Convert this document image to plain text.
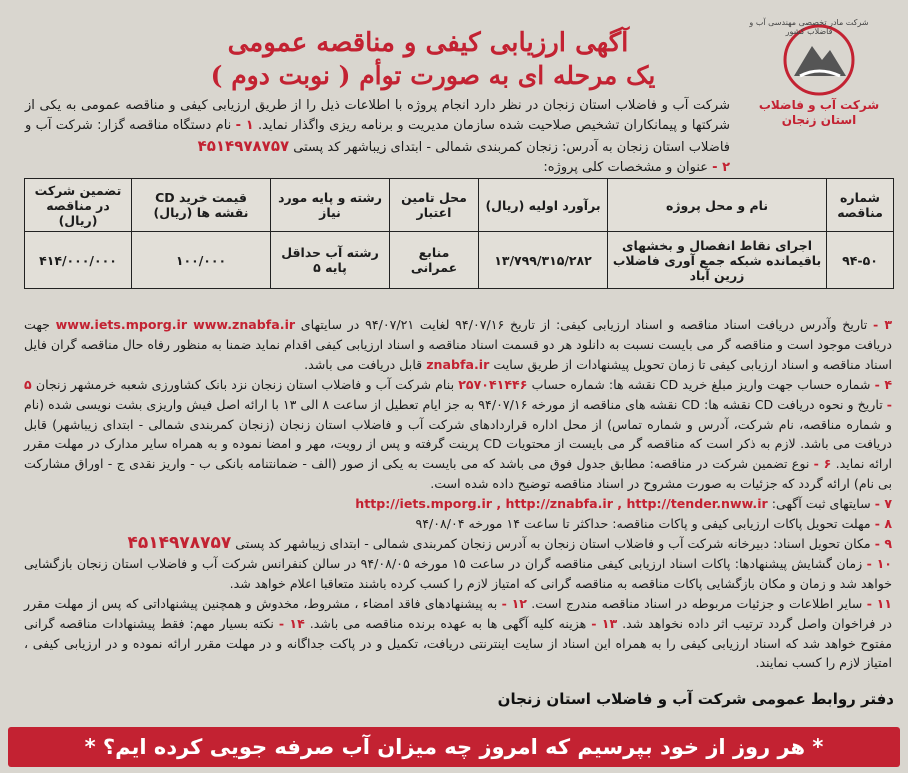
شرکت مادر تخصصی مهندسی آب و فاضلاب کشور
شرکت آب و فاضلاب
استان زنجان
آگهی ارزیابی کیفی و مناقصه عمومی
یک مرحله ای به صورت توأم ( نوبت دوم )
شرکت آب و فاضلاب استان زنجان در نظر دارد انجام پروژه با اطلاعات ذیل را از طریق ارزیابی کیفی و مناقصه عمومی به یکی از شرکتها و پیمانکاران تشخیص صلاحیت شده سازمان مدیریت و برنامه ریزی واگذار نماید. ۱ - نام دستگاه مناقصه گزار: شرکت آب و فاضلاب استان زنجان به آدرس: زنجان کمربندی شمالی - ابتدای زیباشهر کد پستی ۴۵۱۴۹۷۸۷۵۷
۲ - عنوان و مشخصات کلی پروژه:
شماره مناقصه	نام و محل پروژه	برآورد اولیه (ریال)	محل تامین اعتبار	رشته و پایه مورد نیاز	قیمت خرید CD نقشه ها (ریال)	تضمین شرکت در مناقصه (ریال)
۹۴-۵۰	اجرای نقاط انفصال و بخشهای باقیمانده شبکه جمع آوری فاضلاب زرین آباد	۱۳/۷۹۹/۳۱۵/۲۸۲	منابع عمرانی	رشته آب حداقل پایه ۵	۱۰۰/۰۰۰	۴۱۴/۰۰۰/۰۰۰

۳ - تاریخ وآدرس دریافت اسناد مناقصه و اسناد ارزیابی کیفی: از تاریخ ۹۴/۰۷/۱۶ لغایت ۹۴/۰۷/۲۱ در سایتهای www.iets.mporg.ir www.znabfa.ir جهت دریافت موجود است و مناقصه گر می بایست نسبت به دانلود هر دو قسمت اسناد مناقصه و اسناد ارزیابی کیفی اقدام نماید ضمنا به منظور رفاه حال مناقصه گران فایل اسناد مناقصه و اسناد ارزیابی کیفی تا زمان تحویل پیشنهادات از طریق سایت znabfa.ir قابل دریافت می باشد.

۴ - شماره حساب جهت واریز مبلغ خرید CD نقشه ها: شماره حساب ۲۵۷۰۴۱۴۴۶ بنام شرکت آب و فاضلاب استان زنجان نزد بانک کشاورزی شعبه خرمشهر زنجان ۵ - تاریخ و نحوه دریافت CD نقشه ها: CD نقشه های مناقصه از مورخه ۹۴/۰۷/۱۶ به جز ایام تعطیل از ساعت ۸ الی ۱۳ با ارائه اصل فیش واریزی بشت نویسی شده (نام و شماره مناقصه، نام شرکت، آدرس و شماره تماس) از محل اداره قراردادهای شرکت آب و فاضلاب استان زنجان (زنجان کمربندی شمالی - ابتدای زیباشهر) قابل دریافت می باشد. لازم به ذکر است که مناقصه گر می بایست از محتویات CD پرینت گرفته و پس از رویت، مهر و امضا نموده و به همراه سایر مدارک در مهلت مقرر ارائه نماید. ۶ - نوع تضمین شرکت در مناقصه: مطابق جدول فوق می باشد که می بایست به یکی از صور (الف - ضمانتنامه بانکی ب - واریز نقدی ج - اوراق مشارکت بی نام) ارائه گردد که جزئیات به صورت مشروح در اسناد مناقصه توضیح داده شده است.

۷ - سایتهای ثبت آگهی: http://iets.mporg.ir , http://znabfa.ir , http://tender.nww.ir

۸ - مهلت تحویل پاکات ارزیابی کیفی و پاکات مناقصه: حداکثر تا ساعت ۱۴ مورخه ۹۴/۰۸/۰۴

۹ - مکان تحویل اسناد: دبیرخانه شرکت آب و فاضلاب استان زنجان به آدرس زنجان کمربندی شمالی - ابتدای زیباشهر کد پستی ۴۵۱۴۹۷۸۷۵۷

۱۰ - زمان گشایش پیشنهادها: پاکات اسناد ارزیابی کیفی مناقصه گران در ساعت ۱۵ مورخه ۹۴/۰۸/۰۵ در سالن کنفرانس شرکت آب و فاضلاب استان زنجان بازگشایی خواهد شد و زمان و مکان بازگشایی پاکات مناقصه به مناقصه گرانی که امتیاز لازم را کسب کرده باشند متعاقبا اعلام خواهد شد.

۱۱ - سایر اطلاعات و جزئیات مربوطه در اسناد مناقصه مندرج است. ۱۲ - به پیشنهادهای فاقد امضاء ، مشروط، مخدوش و همچنین پیشنهاداتی که پس از مهلت مقرر در فراخوان واصل گردد ترتیب اثر داده نخواهد شد. ۱۳ - هزینه کلیه آگهی ها به عهده برنده مناقصه می باشد. ۱۴ - نکته بسیار مهم: فقط پیشنهادات مناقصه گرانی مفتوح خواهد شد که اسناد ارزیابی کیفی را به همراه این اسناد از سایت اینترنتی دریافت، تکمیل و در پاکت جداگانه و در مهلت مقرر ارائه نموده و در ارزیابی کیفی ، امتیاز لازم را کسب نمایند.

دفتر روابط عمومی شرکت آب و فاضلاب استان زنجان
* هر روز از خود بپرسیم که امروز چه میزان آب صرفه جویی کرده ایم؟ *
